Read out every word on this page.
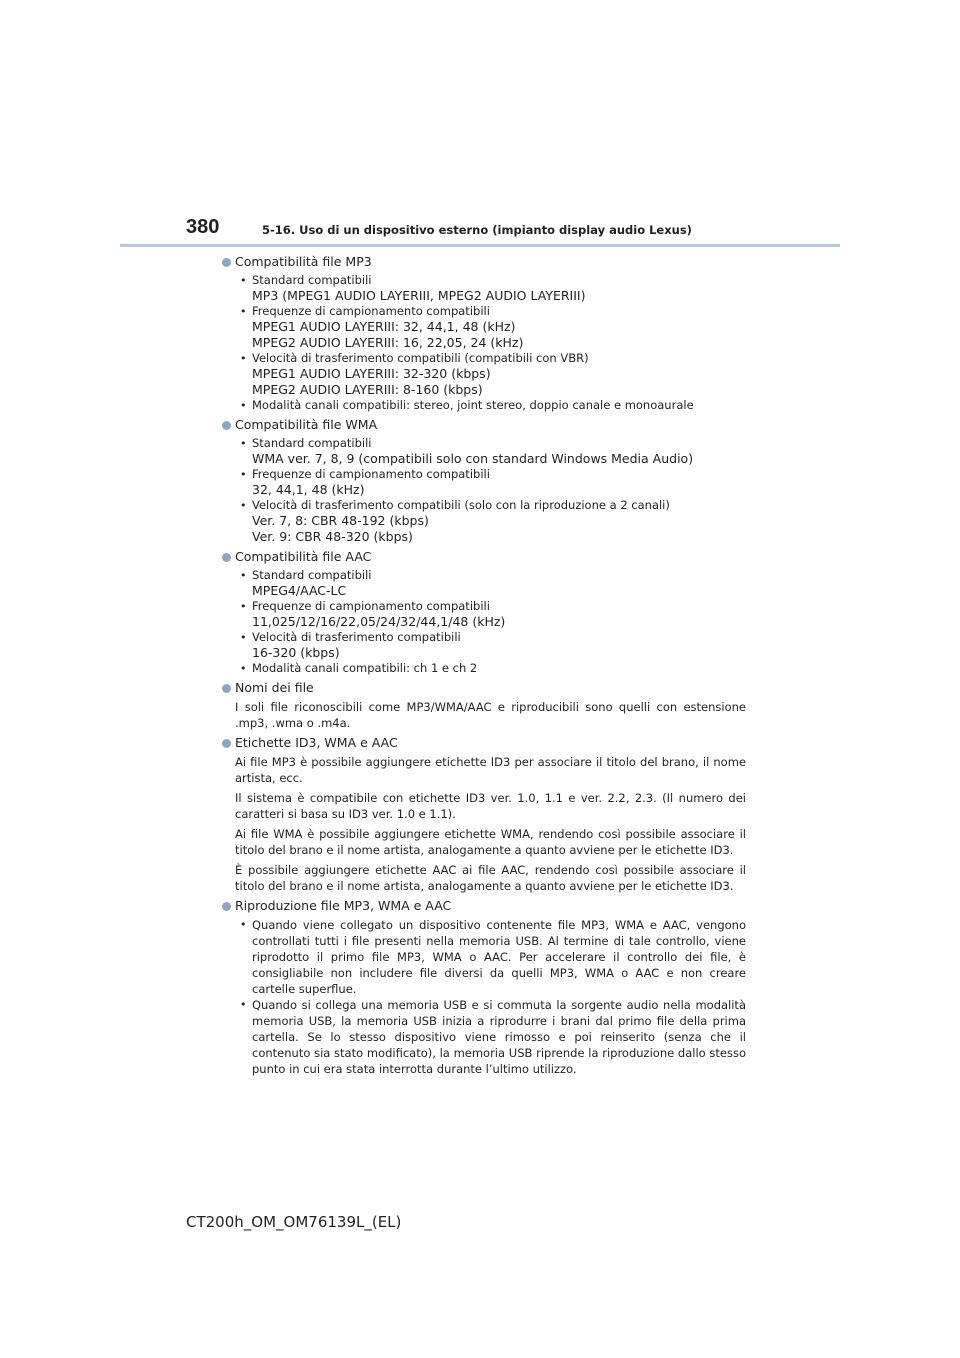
380	5-16. Uso di un dispositivo esterno (impianto display audio Lexus)
Compatibilità file MP3
• Standard compatibili
MP3 (MPEG1 AUDIO LAYERIII, MPEG2 AUDIO LAYERIII)
• Frequenze di campionamento compatibili
MPEG1 AUDIO LAYERIII: 32, 44,1, 48 (kHz)
MPEG2 AUDIO LAYERIII: 16, 22,05, 24 (kHz)
• Velocità di trasferimento compatibili (compatibili con VBR)
MPEG1 AUDIO LAYERIII: 32-320 (kbps)
MPEG2 AUDIO LAYERIII: 8-160 (kbps)
• Modalità canali compatibili: stereo, joint stereo, doppio canale e monoaurale
Compatibilità file WMA
• Standard compatibili
WMA ver. 7, 8, 9 (compatibili solo con standard Windows Media Audio)
• Frequenze di campionamento compatibili
32, 44,1, 48 (kHz)
• Velocità di trasferimento compatibili (solo con la riproduzione a 2 canali)
Ver. 7, 8: CBR 48-192 (kbps)
Ver. 9: CBR 48-320 (kbps)
Compatibilità file AAC
• Standard compatibili
MPEG4/AAC-LC
• Frequenze di campionamento compatibili
11,025/12/16/22,05/24/32/44,1/48 (kHz)
• Velocità di trasferimento compatibili
16-320 (kbps)
• Modalità canali compatibili: ch 1 e ch 2
Nomi dei file
I soli file riconoscibili come MP3/WMA/AAC e riproducibili sono quelli con estensione .mp3, .wma o .m4a.
Etichette ID3, WMA e AAC
Ai file MP3 è possibile aggiungere etichette ID3 per associare il titolo del brano, il nome artista, ecc.
Il sistema è compatibile con etichette ID3 ver. 1.0, 1.1 e ver. 2.2, 2.3. (Il numero dei caratteri si basa su ID3 ver. 1.0 e 1.1).
Ai file WMA è possibile aggiungere etichette WMA, rendendo così possibile associare il titolo del brano e il nome artista, analogamente a quanto avviene per le etichette ID3.
È possibile aggiungere etichette AAC ai file AAC, rendendo così possibile associare il titolo del brano e il nome artista, analogamente a quanto avviene per le etichette ID3.
Riproduzione file MP3, WMA e AAC
• Quando viene collegato un dispositivo contenente file MP3, WMA e AAC, vengono controllati tutti i file presenti nella memoria USB. Al termine di tale controllo, viene riprodotto il primo file MP3, WMA o AAC. Per accelerare il controllo dei file, è consigliabile non includere file diversi da quelli MP3, WMA o AAC e non creare cartelle superflue.
• Quando si collega una memoria USB e si commuta la sorgente audio nella modalità memoria USB, la memoria USB inizia a riprodurre i brani dal primo file della prima cartella. Se lo stesso dispositivo viene rimosso e poi reinserito (senza che il contenuto sia stato modificato), la memoria USB riprende la riproduzione dallo stesso punto in cui era stata interrotta durante l’ultimo utilizzo.
CT200h_OM_OM76139L_(EL)
